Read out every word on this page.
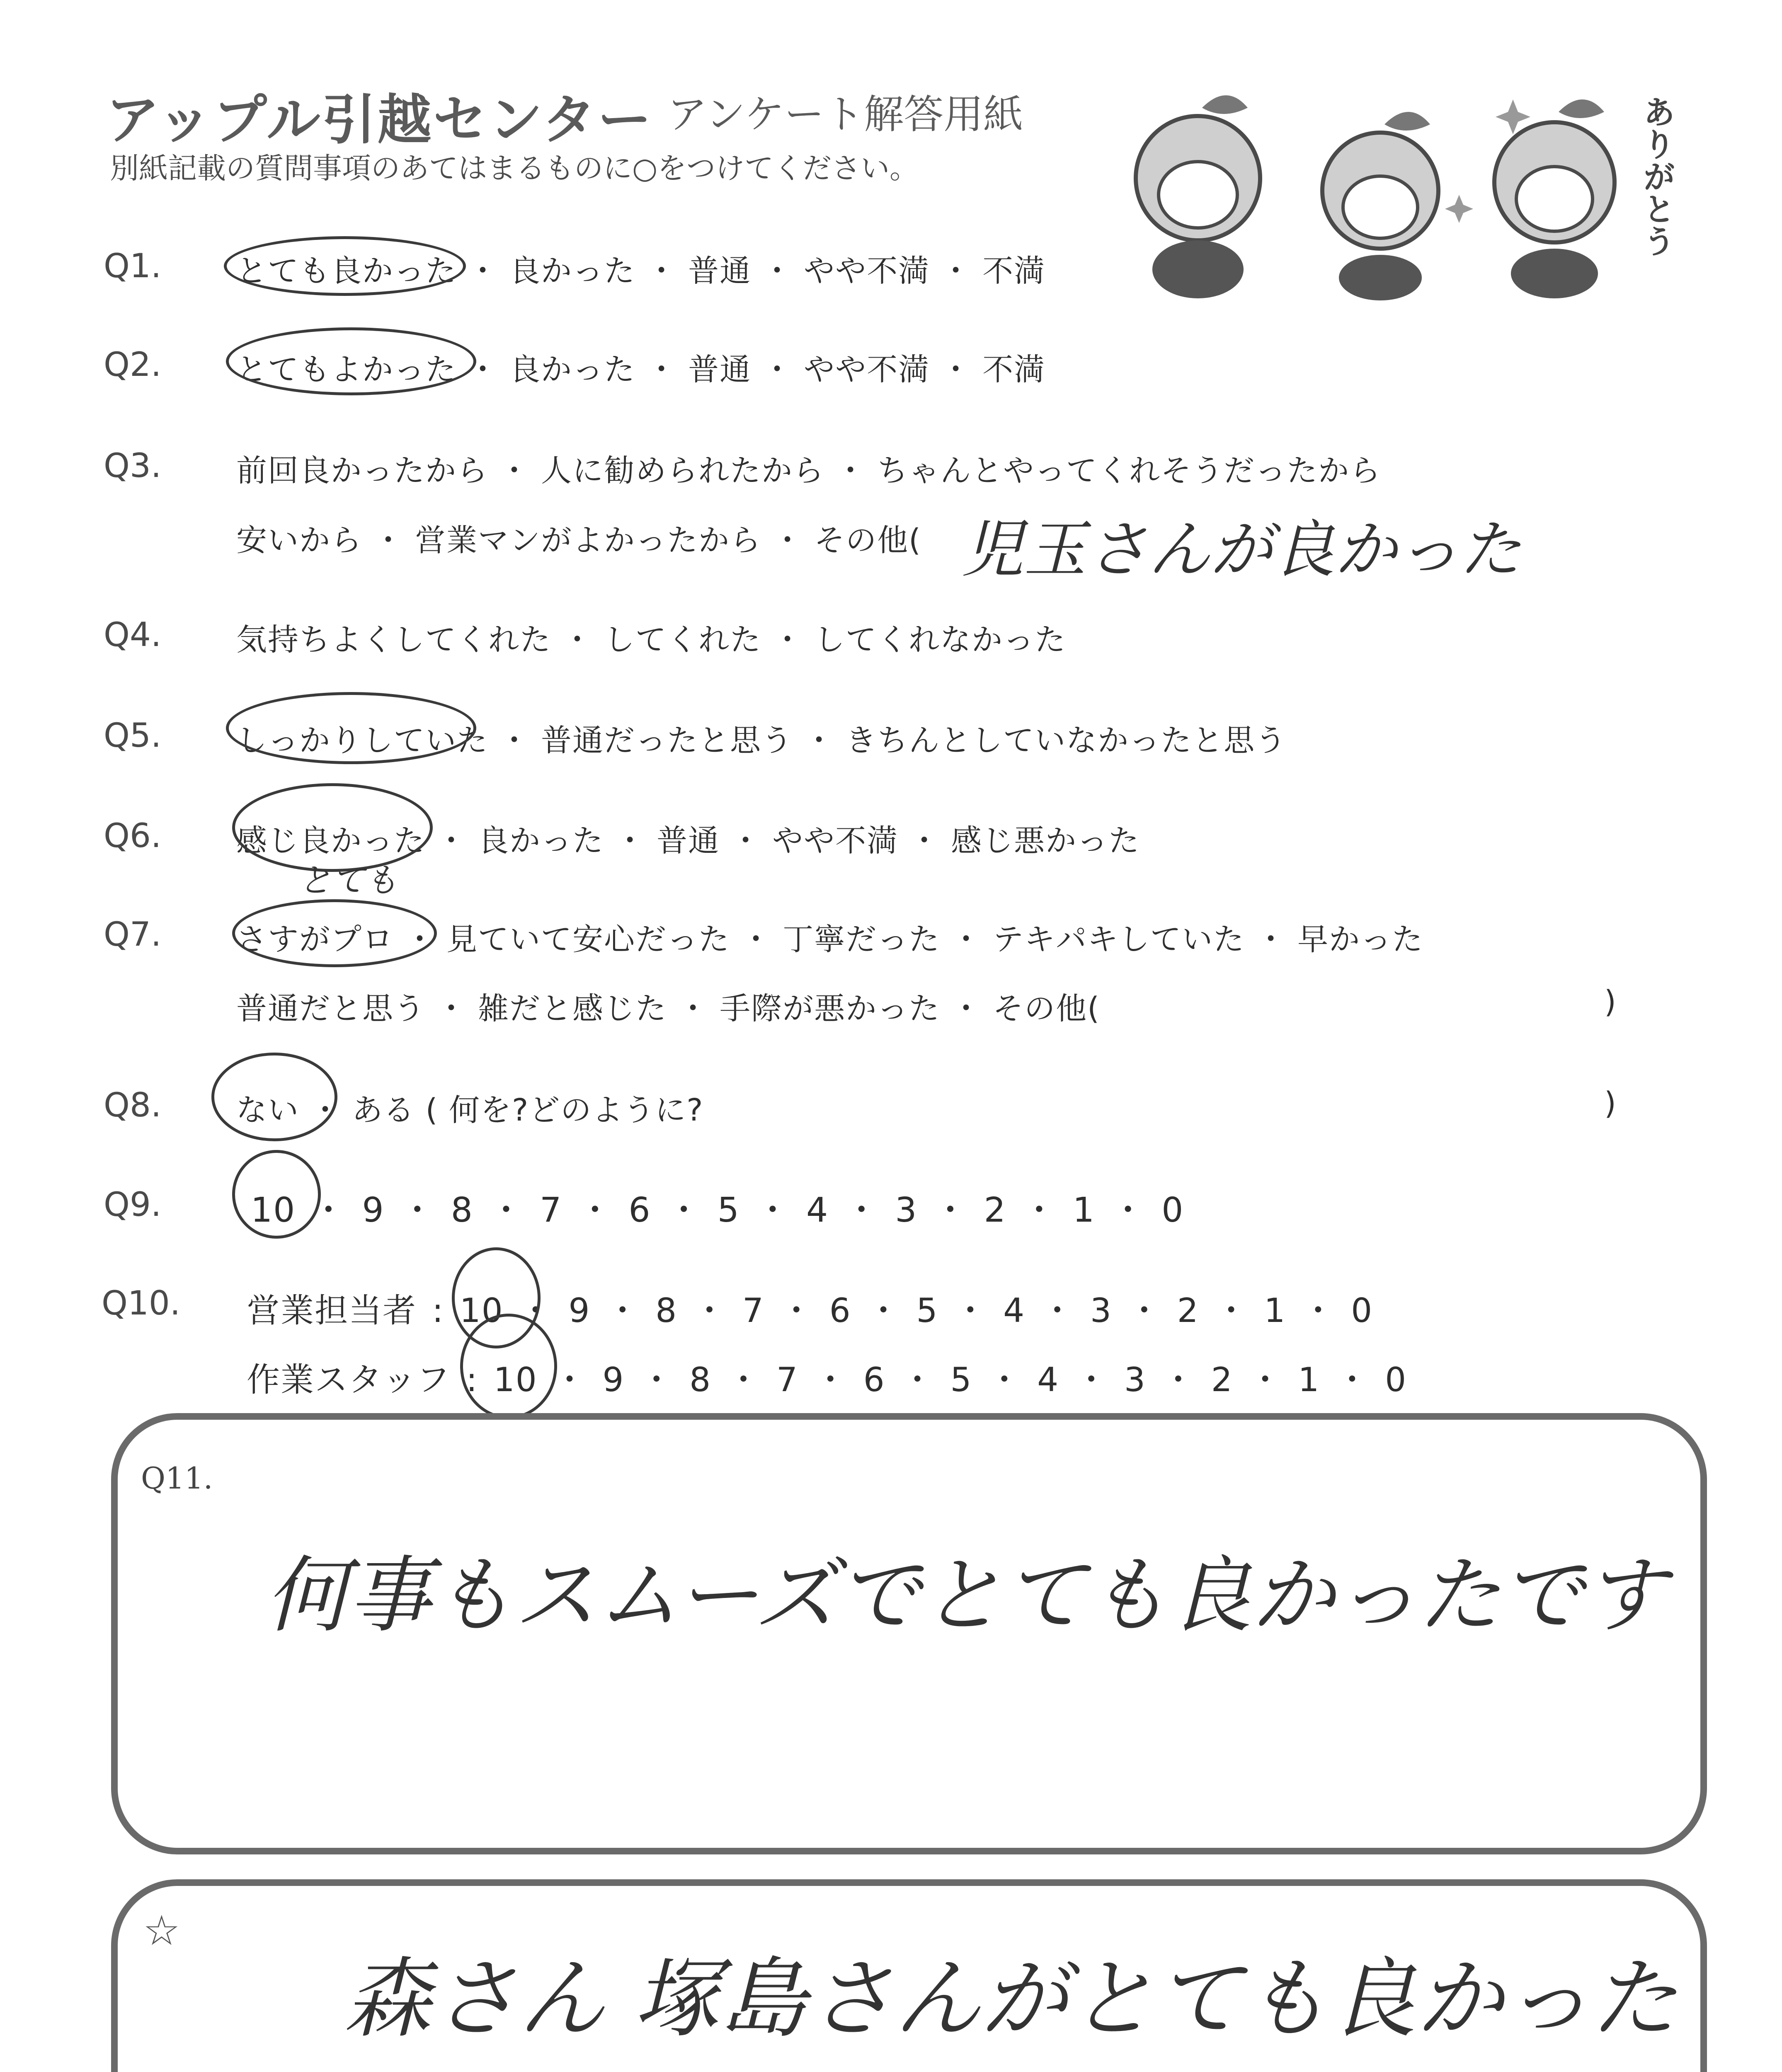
アップル引越センター アンケート解答用紙
別紙記載の質問事項のあてはまるものに○をつけてください。	ありがとう
Q1. とても良かった ・ 良かった ・ 普通 ・ やや不満 ・ 不満
Q2. とてもよかった ・ 良かった ・ 普通 ・ やや不満 ・ 不満
Q3. 前回良かったから ・ 人に勧められたから ・ ちゃんとやってくれそうだったから
安いから ・ 営業マンがよかったから ・ その他( 児玉さんが良かった
Q4. 気持ちよくしてくれた ・ してくれた ・ してくれなかった
Q5. しっかりしていた ・ 普通だったと思う ・ きちんとしていなかったと思う
Q6. 感じ良かった ・ 良かった ・ 普通 ・ やや不満 ・ 感じ悪かった
とても
Q7. さすがプロ ・ 見ていて安心だった ・ 丁寧だった ・ テキパキしていた ・ 早かった
普通だと思う ・ 雑だと感じた ・ 手際が悪かった ・ その他(	)
Q8. ない ・ ある ( 何を?どのように?	)
Q9.	10 ・ 9 ・ 8 ・ 7 ・ 6 ・ 5 ・ 4 ・ 3 ・ 2 ・ 1 ・ 0
Q10. 営業担当者 : 10 ・ 9 ・ 8 ・ 7 ・ 6 ・ 5 ・ 4 ・ 3 ・ 2 ・ 1 ・ 0
作業スタッフ : 10 ・ 9 ・ 8 ・ 7 ・ 6 ・ 5 ・ 4 ・ 3 ・ 2 ・ 1 ・ 0
Q11.
何事もスムーズでとても良かったです
☆
森さん 塚島さんがとても良かった
